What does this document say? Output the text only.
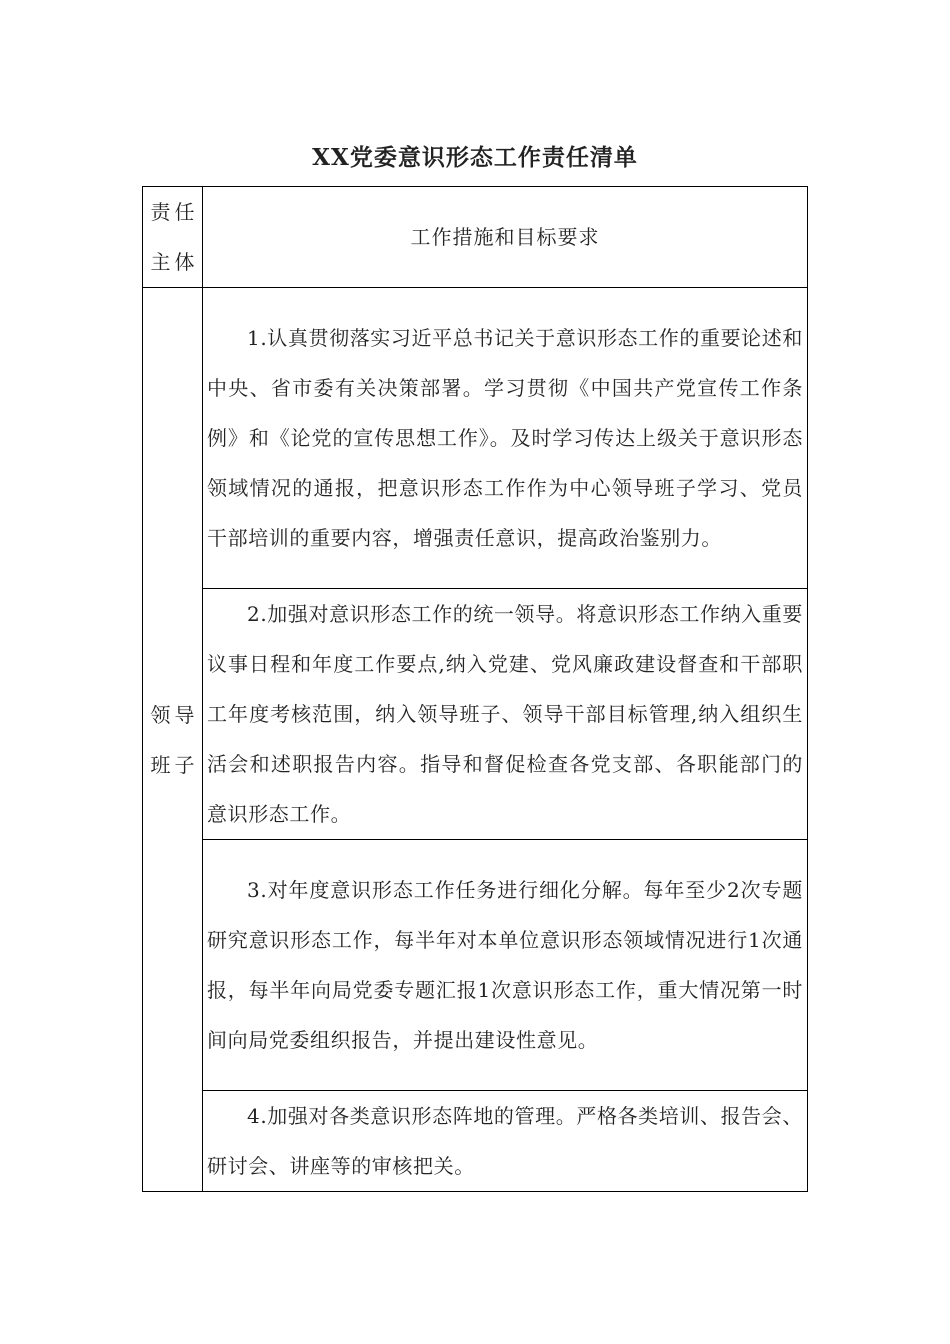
XX党委意识形态工作责任清单
责任主体	工作措施和目标要求
领导班子	1.认真贯彻落实习近平总书记关于意识形态工作的重要论述和中央、省市委有关决策部署。学习贯彻《中国共产党宣传工作条例》和《论党的宣传思想工作》。及时学习传达上级关于意识形态领域情况的通报，把意识形态工作作为中心领导班子学习、党员干部培训的重要内容，增强责任意识，提高政治鉴别力。

	2.加强对意识形态工作的统一领导。将意识形态工作纳入重要议事日程和年度工作要点,纳入党建、党风廉政建设督查和干部职工年度考核范围，纳入领导班子、领导干部目标管理,纳入组织生活会和述职报告内容。指导和督促检查各党支部、各职能部门的意识形态工作。

	3.对年度意识形态工作任务进行细化分解。每年至少2次专题研究意识形态工作，每半年对本单位意识形态领域情况进行1次通报，每半年向局党委专题汇报1次意识形态工作，重大情况第一时间向局党委组织报告，并提出建设性意见。

	4.加强对各类意识形态阵地的管理。严格各类培训、报告会、研讨会、讲座等的审核把关。
